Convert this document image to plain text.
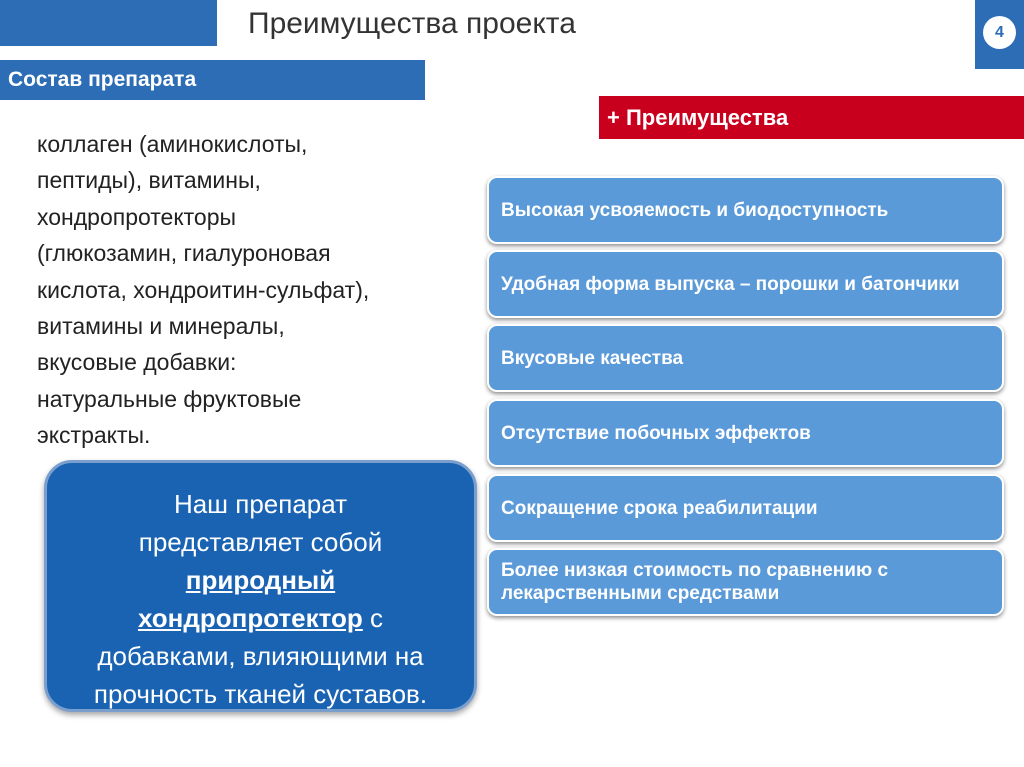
Преимущества проекта	4
Состав препарата
+ Преимущества

коллаген (аминокислоты,
пептиды), витамины,
хондропротекторы
(глюкозамин, гиалуроновая
кислота, хондроитин-сульфат),
витамины и минералы,
вкусовые добавки:
натуральные фруктовые
экстракты.

Наш препарат
представляет собой
природный
хондропротектор с
добавками, влияющими на
прочность тканей суставов.
Высокая усвояемость и биодоступность
Удобная форма выпуска – порошки и батончики
Вкусовые качества
Отсутствие побочных эффектов
Сокращение срока реабилитации
Более низкая стоимость по сравнению с лекарственными средствами
